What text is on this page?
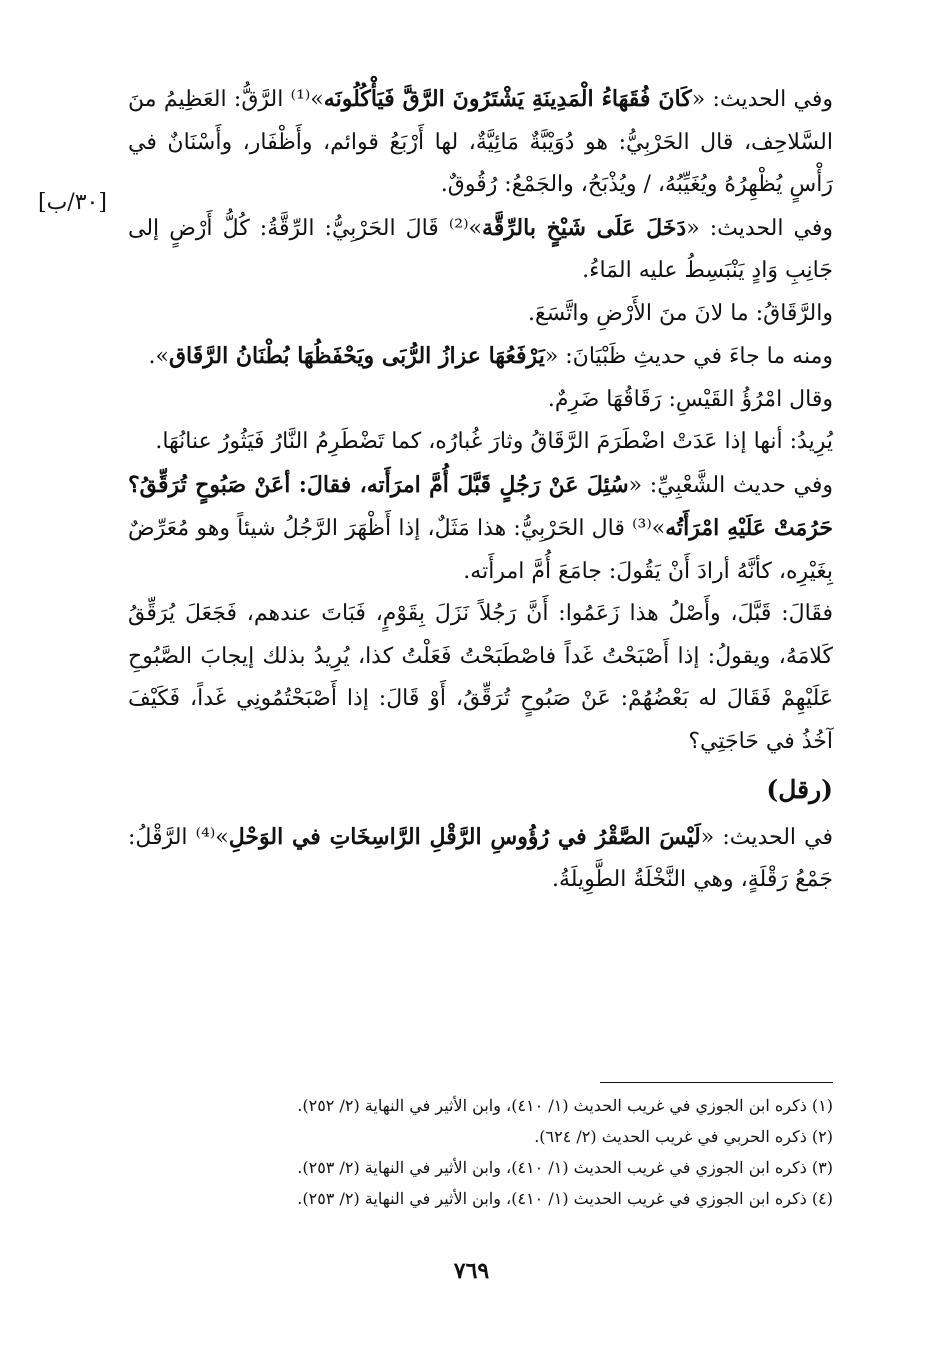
[٣٠/ب]

وفي الحديث: «كَانَ فُقَهَاءُ الْمَدِينَةِ يَشْتَرُونَ الرَّقَّ فَيَأْكُلُونَه»⁽¹⁾ الرَّقُّ: العَظِيمُ منَ السَّلاحِف، قال الحَرْبِيُّ: هو دُوَيْبَّةٌ مَائِيَّةٌ، لها أَرْبَعُ قوائم، وأَظْفَار، وأَسْنَانٌ في رَأْسٍ يُظْهِرُهُ ويُغَيِّبُهُ، / ويُذْبَحُ، والجَمْعُ: رُقُوقٌ.

وفي الحديث: «دَخَلَ عَلَى شَيْخٍ بالرِّقَّة»⁽²⁾ قَالَ الحَرْبِيُّ: الرِّقَّةُ: كُلُّ أَرْضٍ إلى جَانِبِ وَادٍ يَنْبَسِطُ عليه المَاءُ.

والرَّقَاقُ: ما لانَ منَ الأَرْضِ واتَّسَعَ.

ومنه ما جاءَ في حديثِ ظَبْيَانَ: «يَرْفَعُهَا عزازُ الرُّبَى ويَحْفَظُهَا بُطْنَانُ الرَّقَاق».

وقال امْرُؤُ القَيْسِ: رَقَاقُهَا ضَرِمٌ.

يُرِيدُ: أنها إذا عَدَتْ اضْطَرَمَ الرَّقَاقُ وثارَ غُبارُه، كما تَضْطَرِمُ النَّارُ فَيَثُورُ عنانُهَا.

وفي حديث الشَّعْبِيِّ: «سُئِلَ عَنْ رَجُلٍ قَبَّلَ أُمَّ امرَأَته، فقالَ: أعَنْ صَبُوحٍ تُرَقِّقُ؟ حَرُمَتْ عَلَيْهِ امْرَأَتُه»⁽³⁾ قال الحَرْبِيُّ: هذا مَثَلٌ، إذا أَظْهَرَ الرَّجُلُ شيئاً وهو مُعَرِّضٌ بِغَيْرِه، كأنَّهُ أرادَ أَنْ يَقُولَ: جامَعَ أُمَّ امرأَته.

فقَالَ: قَبَّلَ، وأَصْلُ هذا زَعَمُوا: أَنَّ رَجُلاً نَزَلَ بِقَوْمٍ، فَبَاتَ عندهم، فَجَعَلَ يُرَقِّقُ كَلامَهُ، ويقولُ: إذا أَصْبَحْتُ غَداً فاصْطَبَحْتُ فَعَلْتُ كذا، يُرِيدُ بذلك إيجابَ الصَّبُوحِ عَلَيْهِمْ فَقَالَ له بَعْضُهُمْ: عَنْ صَبُوحٍ تُرَقِّقُ، أَوْ قَالَ: إذا أَصْبَحْتُمُونِي غَداً، فَكَيْفَ آخُذُ في حَاجَتِي؟

(رقل)

في الحديث: «لَيْسَ الصَّقْرُ في رُؤُوسِ الرَّقْلِ الرَّاسِخَاتِ في الوَحْلِ»⁽⁴⁾ الرَّقْلُ: جَمْعُ رَقْلَةٍ، وهي النَّخْلَةُ الطَّوِيلَةُ.

(١) ذكره ابن الجوزي في غريب الحديث (١/ ٤١٠)، وابن الأثير في النهاية (٢/ ٢٥٢).

(٢) ذكره الحربي في غريب الحديث (٢/ ٦٢٤).

(٣) ذكره ابن الجوزي في غريب الحديث (١/ ٤١٠)، وابن الأثير في النهاية (٢/ ٢٥٣).

(٤) ذكره ابن الجوزي في غريب الحديث (١/ ٤١٠)، وابن الأثير في النهاية (٢/ ٢٥٣).

٧٦٩
